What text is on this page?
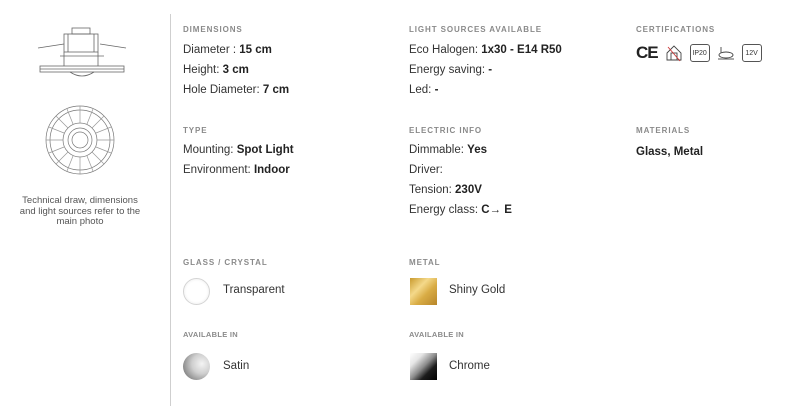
Technical draw, dimensions
and light sources refer to the
main photo
DIMENSIONS
Diameter : 15 cm
Height: 3 cm
Hole Diameter: 7 cm
LIGHT SOURCES AVAILABLE
Eco Halogen: 1x30 - E14 R50
Energy saving: -
Led: -
CERTIFICATIONS
CE	IP20	12V
TYPE
Mounting: Spot Light
Environment: Indoor
ELECTRIC INFO
Dimmable: Yes
Driver:
Tension: 230V
Energy class: C→ E
MATERIALS
Glass, Metal
GLASS / CRYSTAL
Transparent
AVAILABLE IN
Satin
METAL
Shiny Gold
AVAILABLE IN
Chrome
